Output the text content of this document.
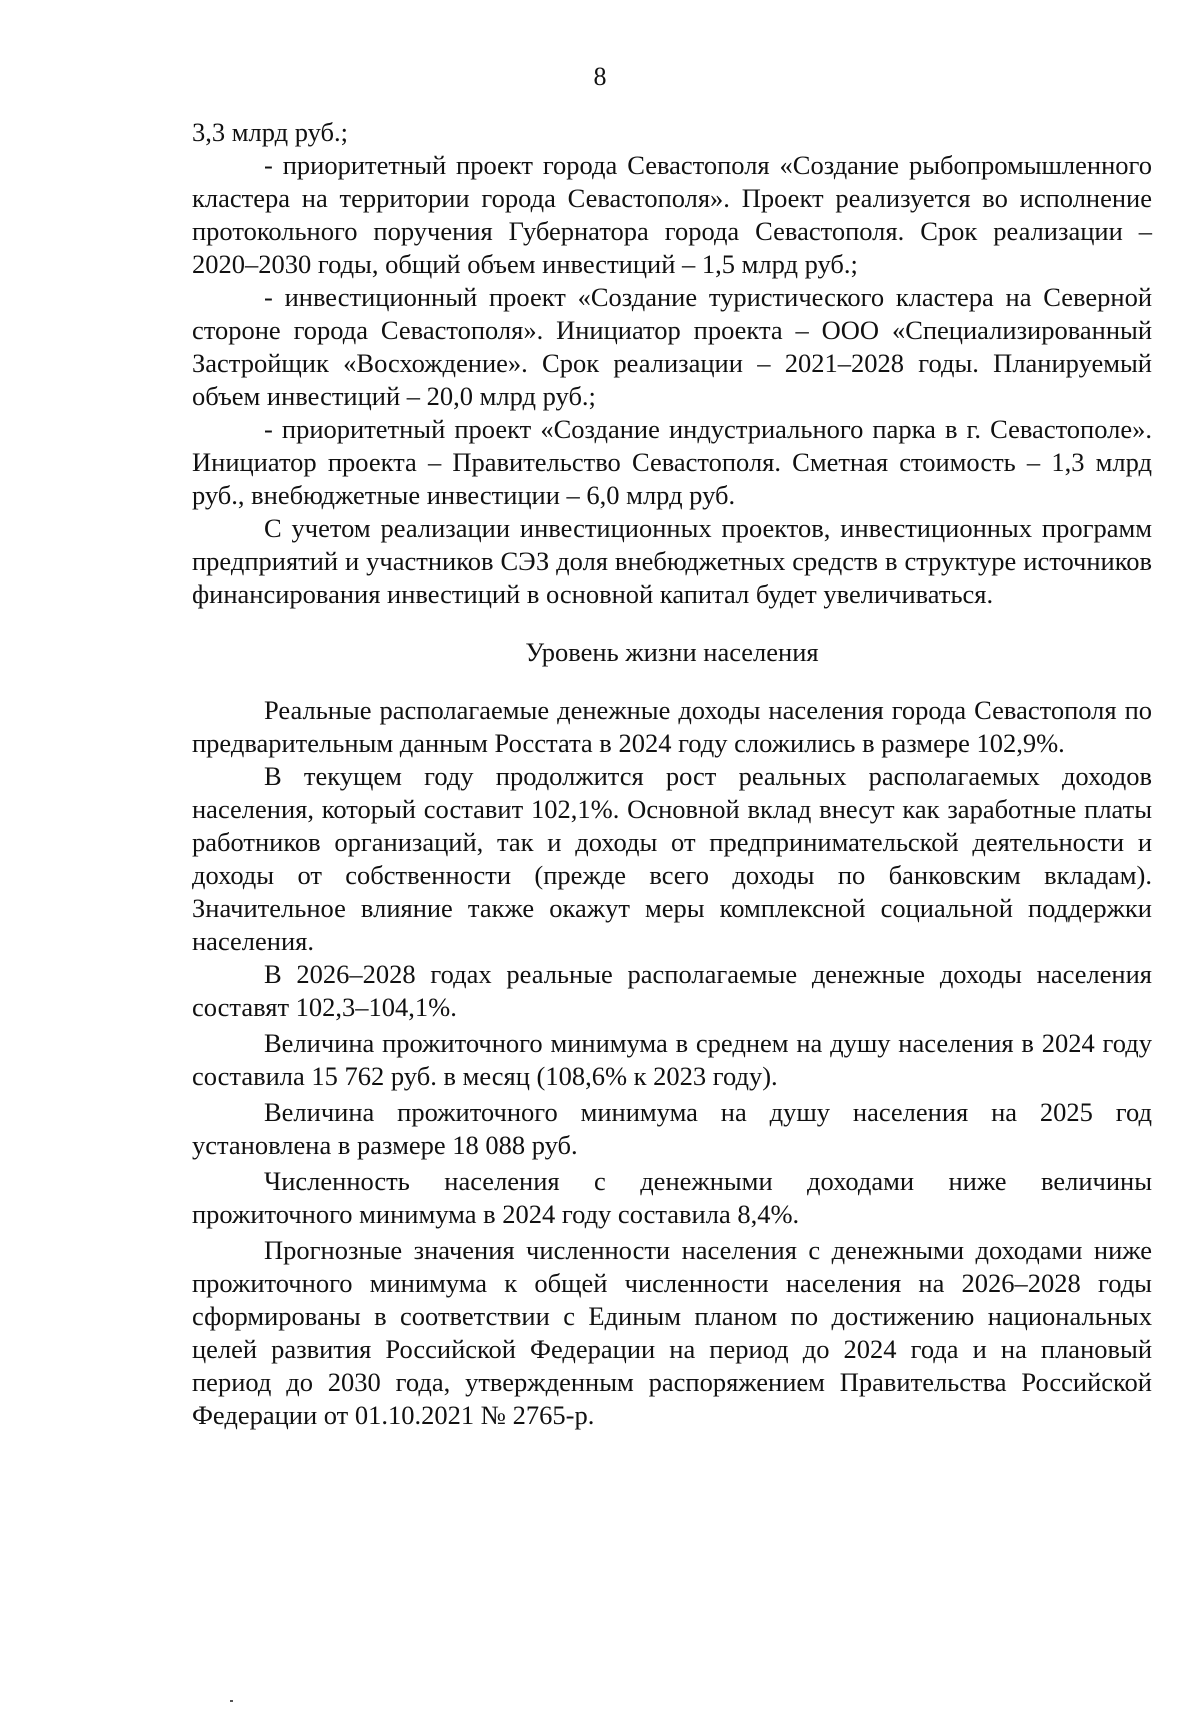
8

3,3 млрд руб.;

- приоритетный проект города Севастополя «Создание рыбопромышленного кластера на территории города Севастополя». Проект реализуется во исполнение протокольного поручения Губернатора города Севастополя. Срок реализации – 2020–2030 годы, общий объем инвестиций – 1,5 млрд руб.;

- инвестиционный проект «Создание туристического кластера на Северной стороне города Севастополя». Инициатор проекта – ООО «Специализированный Застройщик «Восхождение». Срок реализации – 2021–2028 годы. Планируемый объем инвестиций – 20,0 млрд руб.;

- приоритетный проект «Создание индустриального парка в г. Севастополе». Инициатор проекта – Правительство Севастополя. Сметная стоимость – 1,3 млрд руб., внебюджетные инвестиции – 6,0 млрд руб.

С учетом реализации инвестиционных проектов, инвестиционных программ предприятий и участников СЭЗ доля внебюджетных средств в структуре источников финансирования инвестиций в основной капитал будет увеличиваться.

Уровень жизни населения

Реальные располагаемые денежные доходы населения города Севастополя по предварительным данным Росстата в 2024 году сложились в размере 102,9%.

В текущем году продолжится рост реальных располагаемых доходов населения, который составит 102,1%. Основной вклад внесут как заработные платы работников организаций, так и доходы от предпринимательской деятельности и доходы от собственности (прежде всего доходы по банковским вкладам). Значительное влияние также окажут меры комплексной социальной поддержки населения.

В 2026–2028 годах реальные располагаемые денежные доходы населения составят 102,3–104,1%.

Величина прожиточного минимума в среднем на душу населения в 2024 году составила 15 762 руб. в месяц (108,6% к 2023 году).

Величина прожиточного минимума на душу населения на 2025 год установлена в размере 18 088 руб.

Численность населения с денежными доходами ниже величины прожиточного минимума в 2024 году составила 8,4%.

Прогнозные значения численности населения с денежными доходами ниже прожиточного минимума к общей численности населения на 2026–2028 годы сформированы в соответствии с Единым планом по достижению национальных целей развития Российской Федерации на период до 2024 года и на плановый период до 2030 года, утвержденным распоряжением Правительства Российской Федерации от 01.10.2021 № 2765-р.
